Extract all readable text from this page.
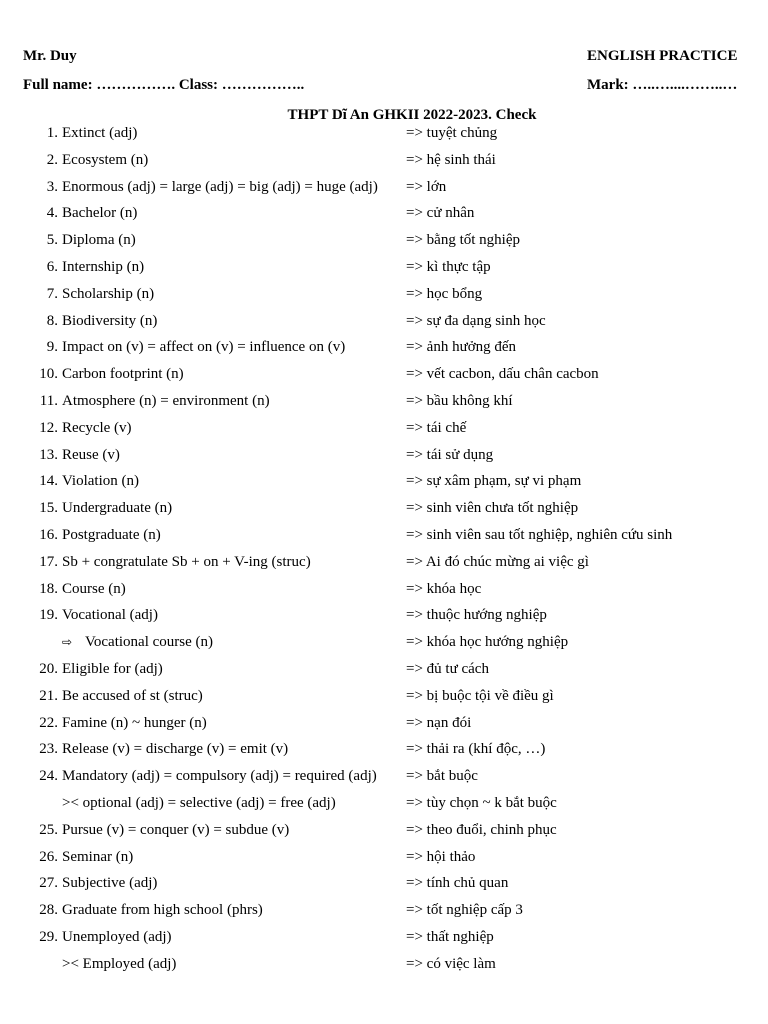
Mr. Duy	ENGLISH PRACTICE
Full name: ……………. Class: ……………..	Mark: …..…....……..…
THPT Dĩ An GHKII 2022-2023. Check
1. Extinct (adj)	=> tuyệt chủng
2. Ecosystem (n)	=> hệ sinh thái
3. Enormous (adj) = large (adj) = big (adj) = huge (adj) => lớn
4. Bachelor (n)	=> cử nhân
5. Diploma (n)	=> bằng tốt nghiệp
6. Internship (n)	=> kì thực tập
7. Scholarship (n)	=> học bổng
8. Biodiversity (n)	=> sự đa dạng sinh học
9. Impact on (v) = affect on (v) = influence on (v)	=> ảnh hưởng đến
10. Carbon footprint (n)	=> vết cacbon, dấu chân cacbon
11. Atmosphere (n) = environment (n)	=> bầu không khí
12. Recycle (v)	=> tái chế
13. Reuse (v)	=> tái sử dụng
14. Violation (n)	=> sự xâm phạm, sự vi phạm
15. Undergraduate (n)	=> sinh viên chưa tốt nghiệp
16. Postgraduate (n)	=> sinh viên sau tốt nghiệp, nghiên cứu sinh
17. Sb + congratulate Sb + on + V-ing (struc)	=> Ai đó chúc mừng ai việc gì
18. Course (n)	=> khóa học
19. Vocational (adj)	=> thuộc hướng nghiệp
⇨ Vocational course (n)	=> khóa học hướng nghiệp
20. Eligible for (adj)	=> đủ tư cách
21. Be accused of st (struc)	=> bị buộc tội về điều gì
22. Famine (n) ~ hunger (n)	=> nạn đói
23. Release (v) = discharge (v) = emit (v)	=> thải ra (khí độc, …)
24. Mandatory (adj) = compulsory (adj) = required (adj) => bắt buộc
>< optional (adj) = selective (adj) = free (adj)	=> tùy chọn ~ k bắt buộc
25. Pursue (v) = conquer (v) = subdue (v)	=> theo đuổi, chinh phục
26. Seminar (n)	=> hội thảo
27. Subjective (adj)	=> tính chủ quan
28. Graduate from high school (phrs)	=> tốt nghiệp cấp 3
29. Unemployed (adj)	=> thất nghiệp
>< Employed (adj)	=> có việc làm
